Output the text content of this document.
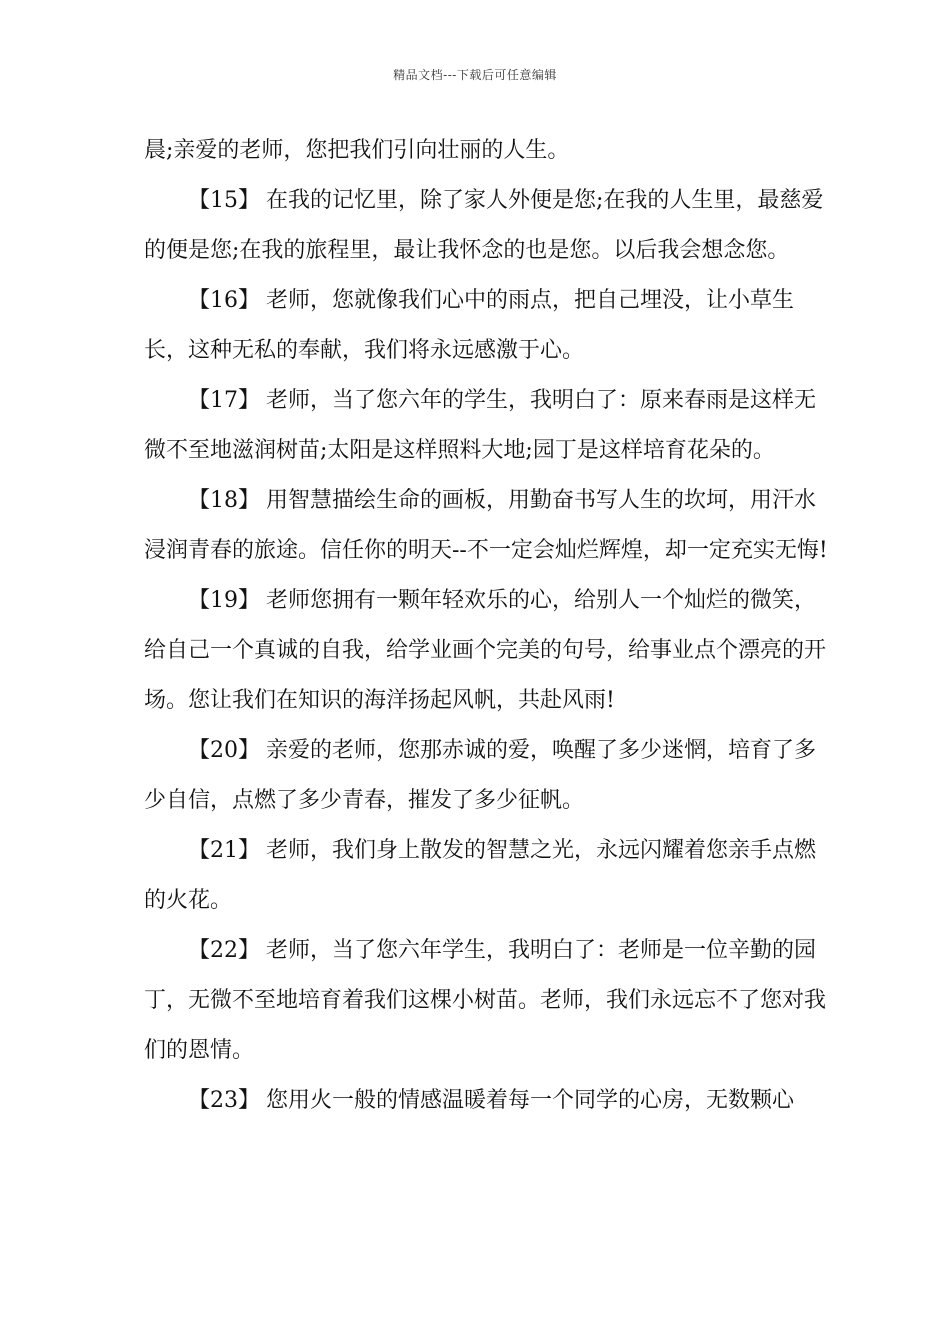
精品文档---下载后可任意编辑

晨;亲爱的老师，您把我们引向壮丽的人生。

【15】 在我的记忆里，除了家人外便是您;在我的人生里，最慈爱的便是您;在我的旅程里，最让我怀念的也是您。以后我会想念您。

【16】 老师，您就像我们心中的雨点，把自己埋没，让小草生长，这种无私的奉献，我们将永远感激于心。

【17】 老师，当了您六年的学生，我明白了：原来春雨是这样无微不至地滋润树苗;太阳是这样照料大地;园丁是这样培育花朵的。

【18】 用智慧描绘生命的画板，用勤奋书写人生的坎坷，用汗水浸润青春的旅途。信任你的明天--不一定会灿烂辉煌，却一定充实无悔!

【19】 老师您拥有一颗年轻欢乐的心，给别人一个灿烂的微笑，给自己一个真诚的自我，给学业画个完美的句号，给事业点个漂亮的开场。您让我们在知识的海洋扬起风帆，共赴风雨!

【20】 亲爱的老师，您那赤诚的爱，唤醒了多少迷惘，培育了多少自信，点燃了多少青春，摧发了多少征帆。

【21】 老师，我们身上散发的智慧之光，永远闪耀着您亲手点燃的火花。

【22】 老师，当了您六年学生，我明白了：老师是一位辛勤的园丁，无微不至地培育着我们这棵小树苗。老师，我们永远忘不了您对我们的恩情。

【23】 您用火一般的情感温暖着每一个同学的心房，无数颗心
